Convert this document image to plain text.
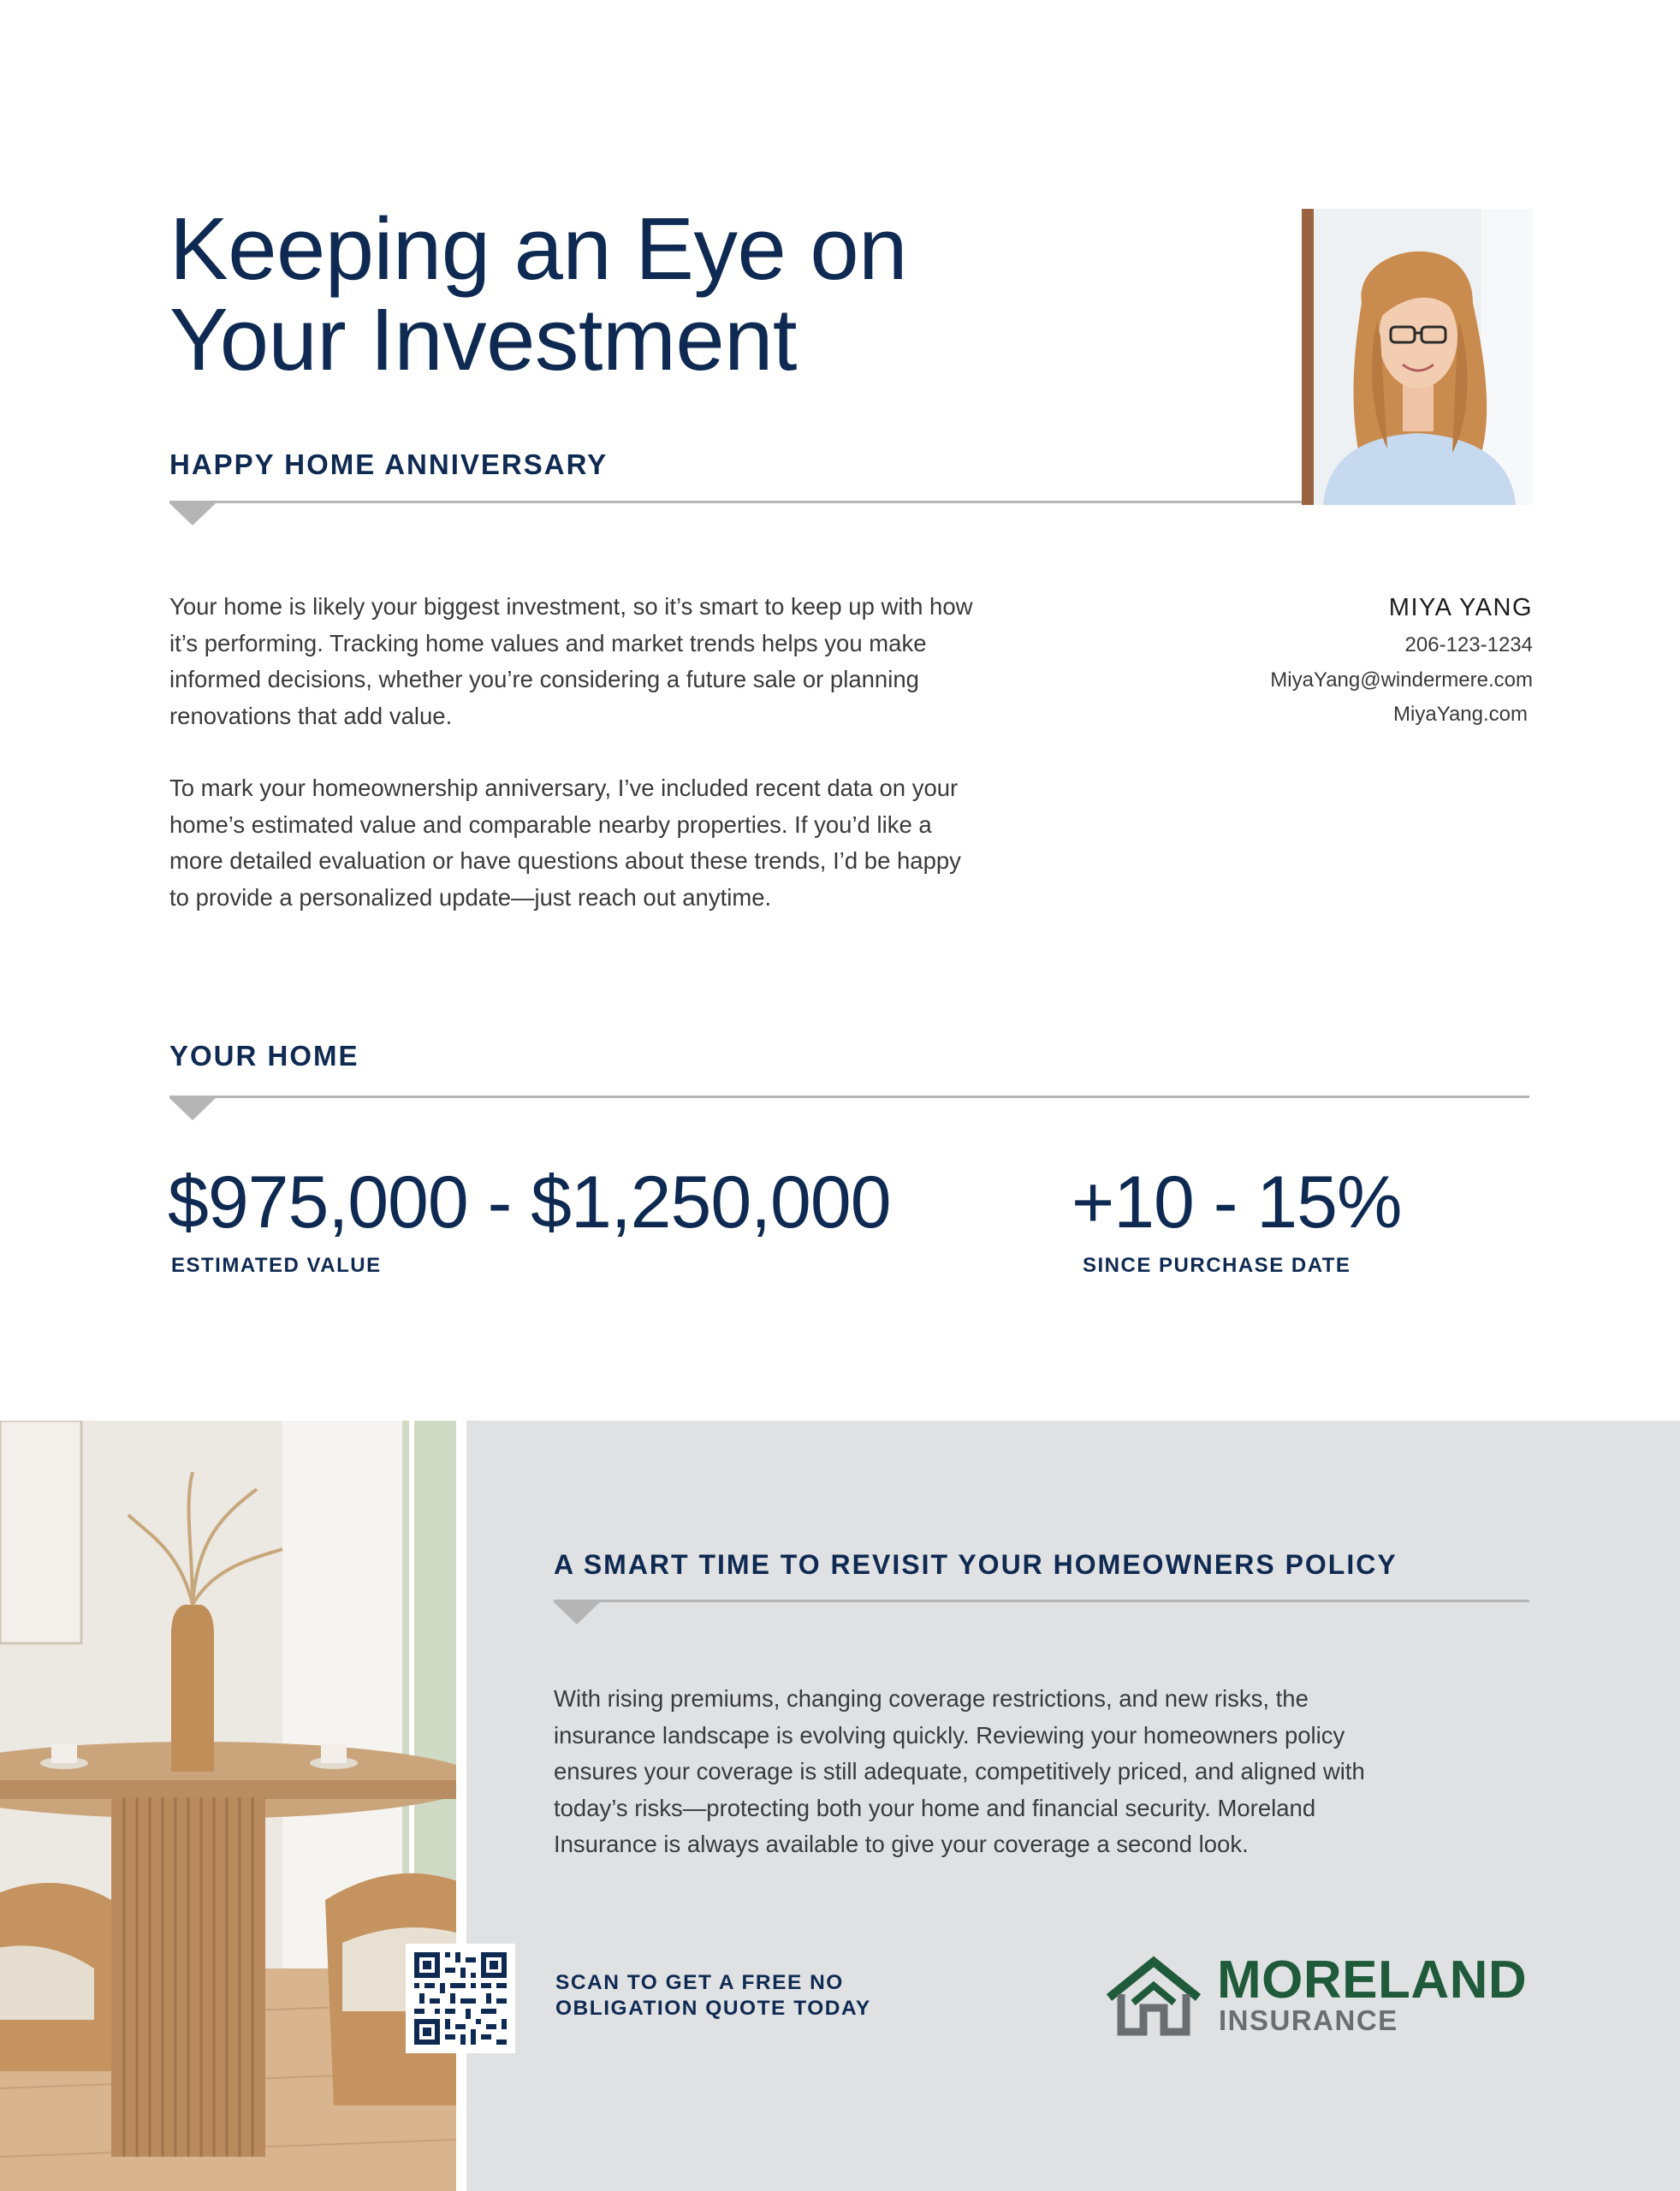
Keeping an Eye on
Your Investment
HAPPY HOME ANNIVERSARY

Your home is likely your biggest investment, so it’s smart to keep up with how
it’s performing. Tracking home values and market trends helps you make
informed decisions, whether you’re considering a future sale or planning
renovations that add value.

To mark your homeownership anniversary, I’ve included recent data on your
home’s estimated value and comparable nearby properties. If you’d like a
more detailed evaluation or have questions about these trends, I’d be happy
to provide a personalized update—just reach out anytime.

MIYA YANG
206-123-1234
MiyaYang@windermere.com
MiyaYang.com
YOUR HOME
$975,000 - $1,250,000
ESTIMATED VALUE
+10 - 15%
SINCE PURCHASE DATE
A SMART TIME TO REVISIT YOUR HOMEOWNERS POLICY
With rising premiums, changing coverage restrictions, and new risks, the
insurance landscape is evolving quickly. Reviewing your homeowners policy
ensures your coverage is still adequate, competitively priced, and aligned with
today’s risks—protecting both your home and financial security. Moreland
Insurance is always available to give your coverage a second look.
SCAN TO GET A FREE NO
OBLIGATION QUOTE TODAY	MORELAND
INSURANCE
